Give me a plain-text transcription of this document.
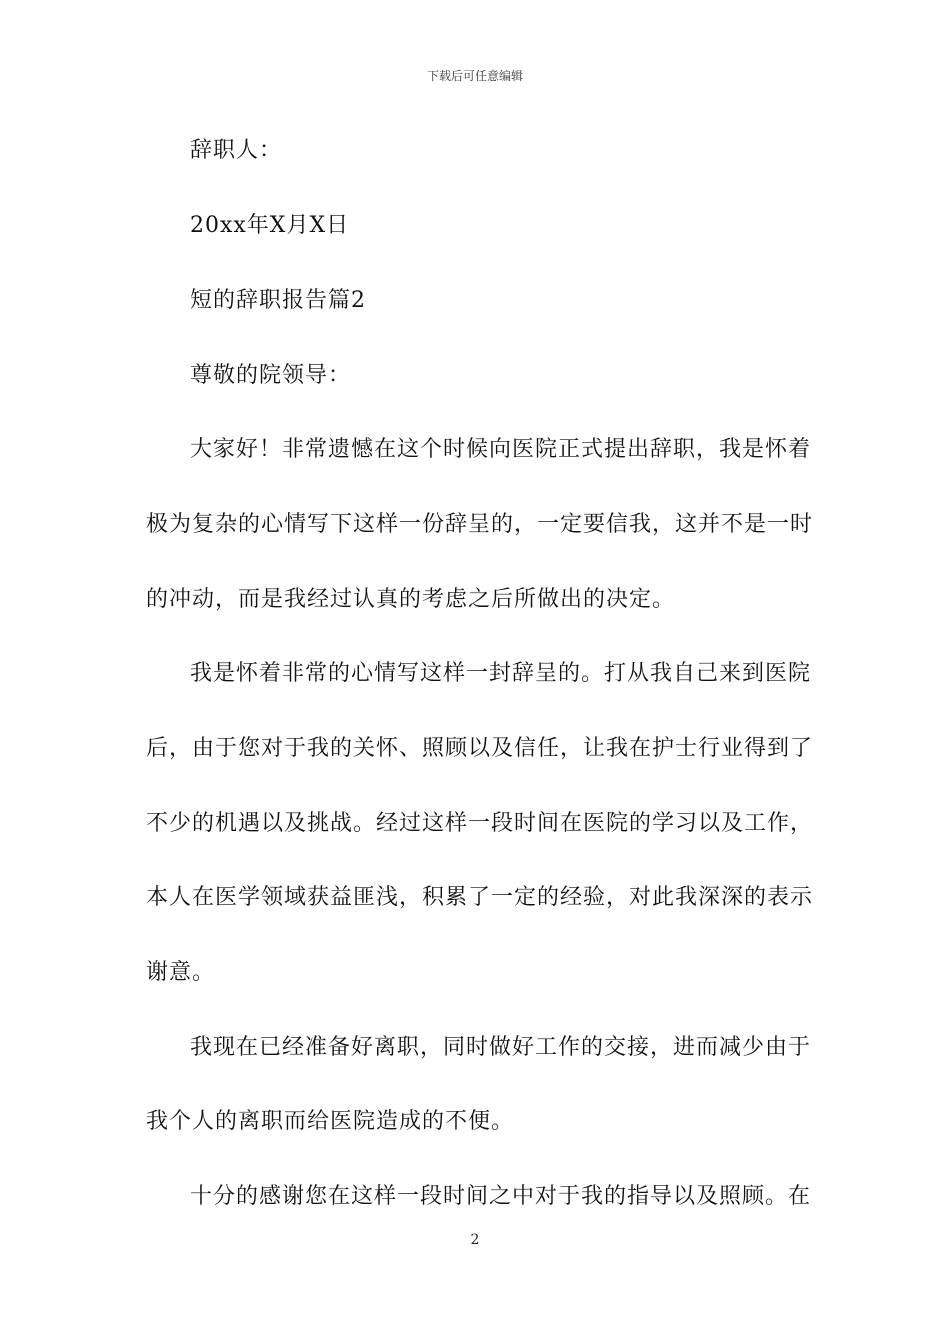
下载后可任意编辑
辞职人：
20xx年X月X日
短的辞职报告篇2
尊敬的院领导：
大家好！非常遗憾在这个时候向医院正式提出辞职，我是怀着
极为复杂的心情写下这样一份辞呈的，一定要信我，这并不是一时
的冲动，而是我经过认真的考虑之后所做出的决定。
我是怀着非常的心情写这样一封辞呈的。打从我自己来到医院
后，由于您对于我的关怀、照顾以及信任，让我在护士行业得到了
不少的机遇以及挑战。经过这样一段时间在医院的学习以及工作，
本人在医学领域获益匪浅，积累了一定的经验，对此我深深的表示
谢意。
我现在已经准备好离职，同时做好工作的交接，进而减少由于
我个人的离职而给医院造成的不便。
十分的感谢您在这样一段时间之中对于我的指导以及照顾。在
2
